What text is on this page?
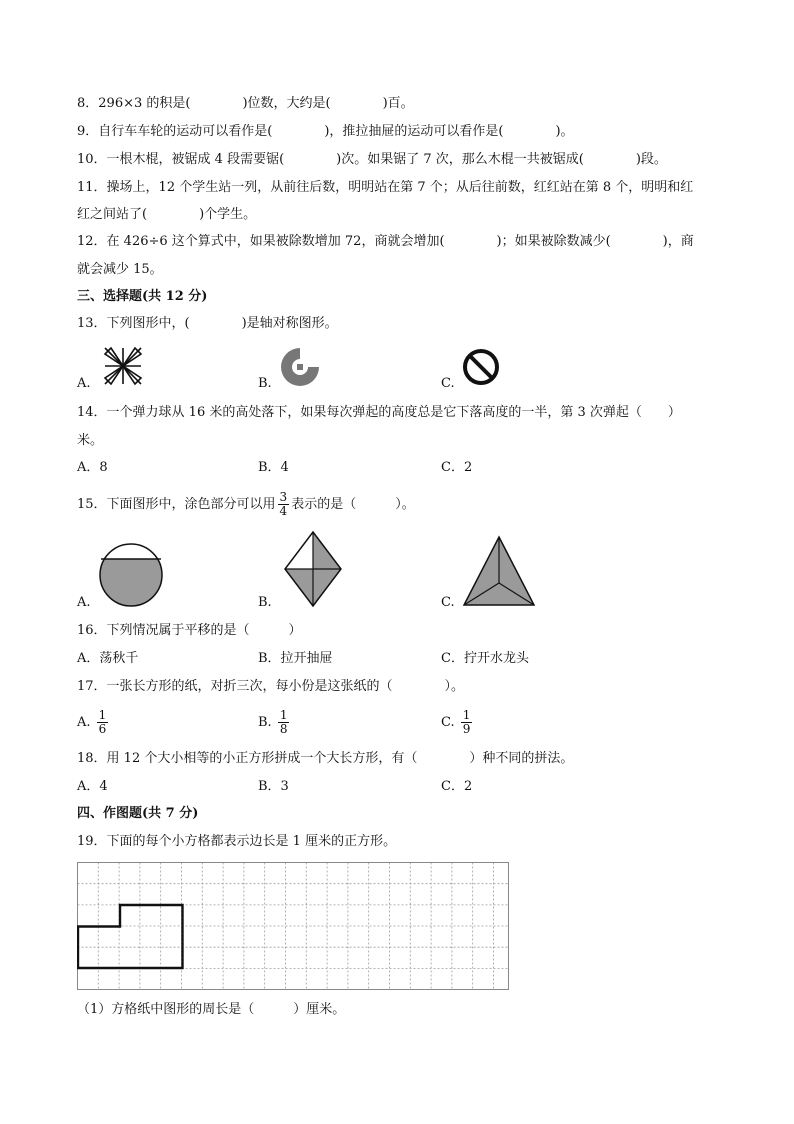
8．296×3 的积是(　　　　)位数，大约是(　　　　)百。
9．自行车车轮的运动可以看作是(　　　　)，推拉抽屉的运动可以看作是(　　　　)。
10．一根木棍，被锯成 4 段需要锯(　　　　)次。如果锯了 7 次，那么木棍一共被锯成(　　　　)段。
11．操场上，12 个学生站一列，从前往后数，明明站在第 7 个；从后往前数，红红站在第 8 个，明明和红
红之间站了(　　　　)个学生。
12．在 426÷6 这个算式中，如果被除数增加 72，商就会增加(　　　　)；如果被除数减少(　　　　)，商
就会减少 15。
三、选择题(共 12 分)
13．下列图形中，(　　　　)是轴对称图形。
A.	B.	C.
14．一个弹力球从 16 米的高处落下，如果每次弹起的高度总是它下落高度的一半，第 3 次弹起（　　）
米。
A．8	B．4	C．2
15．下面图形中，涂色部分可以用 $\frac{3}{4}$ 表示的是（　　　）。
A.	B.	C.
16．下列情况属于平移的是（　　　）
A．荡秋千	B．拉开抽屉	C．拧开水龙头
17．一张长方形的纸，对折三次，每小份是这张纸的（　　　　）。
A. $\frac{1}{6}$	B. $\frac{1}{8}$	C. $\frac{1}{9}$
18．用 12 个大小相等的小正方形拼成一个大长方形，有（　　　　）种不同的拼法。
A．4	B．3	C．2
四、作图题(共 7 分)
19．下面的每个小方格都表示边长是 1 厘米的正方形。
（1）方格纸中图形的周长是（　　　）厘米。
